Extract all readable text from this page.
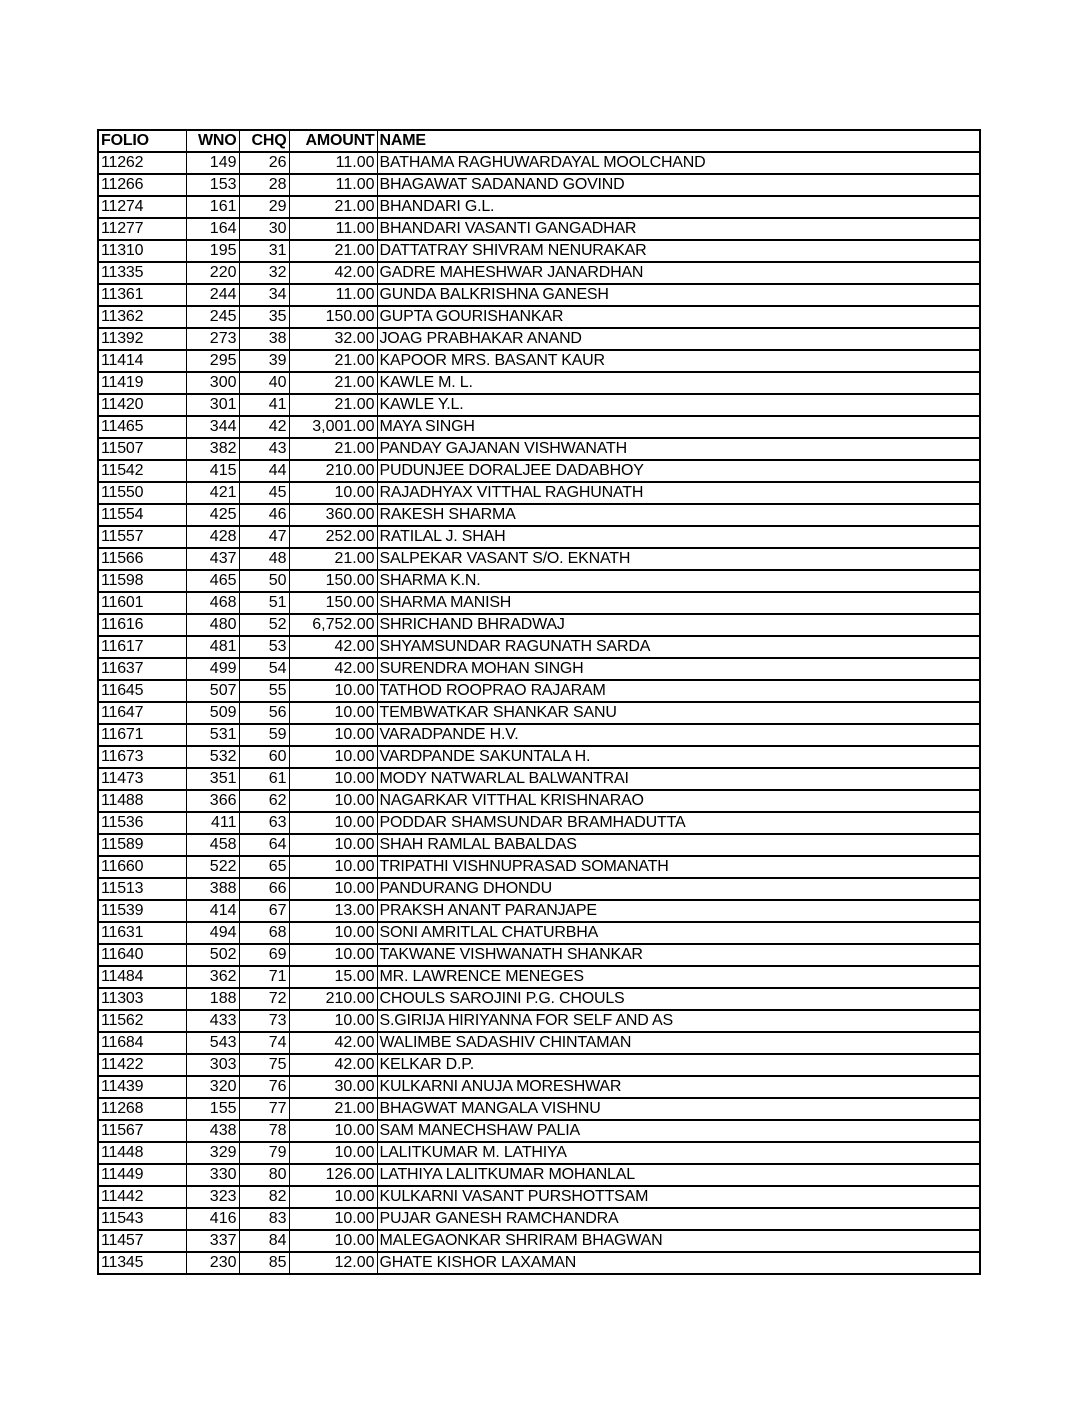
FOLIO	WNO	CHQ	AMOUNT	NAME
11262	149	26	11.00	BATHAMA RAGHUWARDAYAL MOOLCHAND
11266	153	28	11.00	BHAGAWAT SADANAND GOVIND
11274	161	29	21.00	BHANDARI G.L.
11277	164	30	11.00	BHANDARI VASANTI GANGADHAR
11310	195	31	21.00	DATTATRAY SHIVRAM NENURAKAR
11335	220	32	42.00	GADRE MAHESHWAR JANARDHAN
11361	244	34	11.00	GUNDA BALKRISHNA GANESH
11362	245	35	150.00	GUPTA GOURISHANKAR
11392	273	38	32.00	JOAG PRABHAKAR ANAND
11414	295	39	21.00	KAPOOR MRS. BASANT KAUR
11419	300	40	21.00	KAWLE M. L.
11420	301	41	21.00	KAWLE Y.L.
11465	344	42	3,001.00	MAYA SINGH
11507	382	43	21.00	PANDAY GAJANAN VISHWANATH
11542	415	44	210.00	PUDUNJEE DORALJEE DADABHOY
11550	421	45	10.00	RAJADHYAX VITTHAL RAGHUNATH
11554	425	46	360.00	RAKESH SHARMA
11557	428	47	252.00	RATILAL J. SHAH
11566	437	48	21.00	SALPEKAR VASANT S/O. EKNATH
11598	465	50	150.00	SHARMA K.N.
11601	468	51	150.00	SHARMA MANISH
11616	480	52	6,752.00	SHRICHAND BHRADWAJ
11617	481	53	42.00	SHYAMSUNDAR RAGUNATH SARDA
11637	499	54	42.00	SURENDRA MOHAN SINGH
11645	507	55	10.00	TATHOD ROOPRAO RAJARAM
11647	509	56	10.00	TEMBWATKAR SHANKAR SANU
11671	531	59	10.00	VARADPANDE H.V.
11673	532	60	10.00	VARDPANDE SAKUNTALA H.
11473	351	61	10.00	MODY NATWARLAL BALWANTRAI
11488	366	62	10.00	NAGARKAR VITTHAL KRISHNARAO
11536	411	63	10.00	PODDAR SHAMSUNDAR BRAMHADUTTA
11589	458	64	10.00	SHAH RAMLAL BABALDAS
11660	522	65	10.00	TRIPATHI VISHNUPRASAD SOMANATH
11513	388	66	10.00	PANDURANG DHONDU
11539	414	67	13.00	PRAKSH ANANT PARANJAPE
11631	494	68	10.00	SONI AMRITLAL CHATURBHA
11640	502	69	10.00	TAKWANE VISHWANATH SHANKAR
11484	362	71	15.00	MR. LAWRENCE MENEGES
11303	188	72	210.00	CHOULS SAROJINI P.G. CHOULS
11562	433	73	10.00	S.GIRIJA HIRIYANNA FOR SELF AND AS
11684	543	74	42.00	WALIMBE SADASHIV CHINTAMAN
11422	303	75	42.00	KELKAR D.P.
11439	320	76	30.00	KULKARNI ANUJA MORESHWAR
11268	155	77	21.00	BHAGWAT MANGALA VISHNU
11567	438	78	10.00	SAM MANECHSHAW PALIA
11448	329	79	10.00	LALITKUMAR M. LATHIYA
11449	330	80	126.00	LATHIYA LALITKUMAR MOHANLAL
11442	323	82	10.00	KULKARNI VASANT PURSHOTTSAM
11543	416	83	10.00	PUJAR GANESH RAMCHANDRA
11457	337	84	10.00	MALEGAONKAR SHRIRAM BHAGWAN
11345	230	85	12.00	GHATE KISHOR LAXAMAN
